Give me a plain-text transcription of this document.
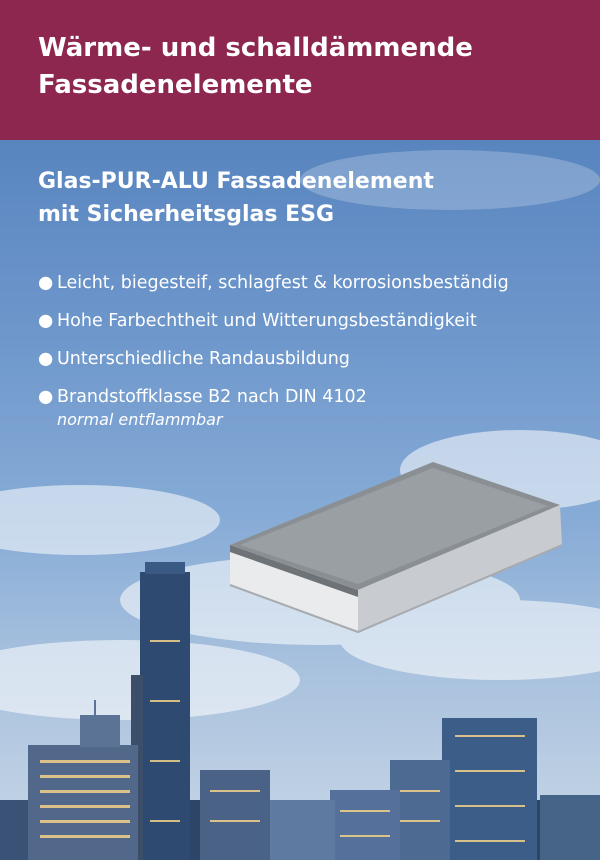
Wärme- und schalldämmende
Fassadenelemente
Glas-PUR-ALU Fassadenelement
mit Sicherheitsglas ESG
● Leicht, biegesteif, schlagfest & korrosionsbeständig
● Hohe Farbechtheit und Witterungsbeständigkeit
● Unterschiedliche Randausbildung
● Brandstoffklasse B2 nach DIN 4102
normal entflammbar
